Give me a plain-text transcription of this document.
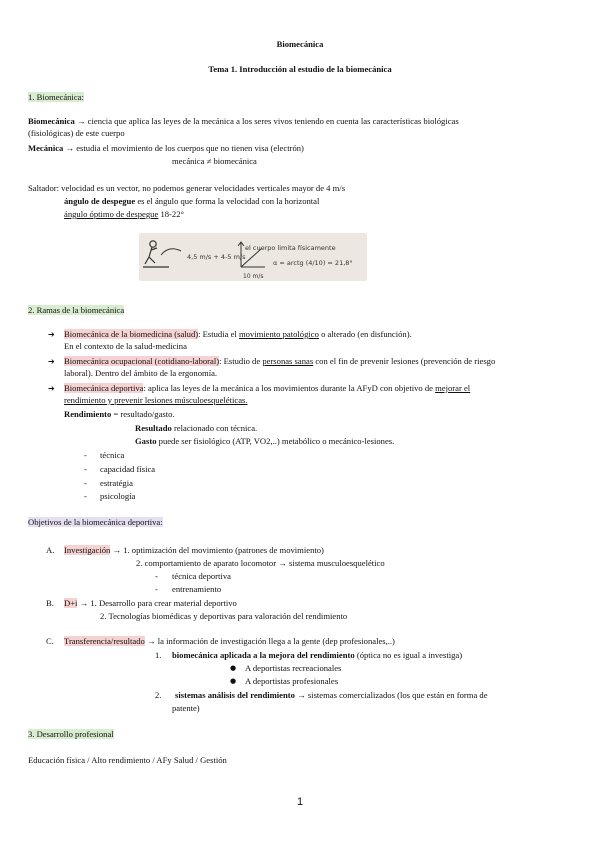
Biomecánica
Tema 1. Introducción al estudio de la biomecánica
1. Biomecánica:
Biomecánica → ciencia que aplica las leyes de la mecánica a los seres vivos teniendo en cuenta las características biológicas
(fisiológicas) de este cuerpo
Mecánica → estudia el movimiento de los cuerpos que no tienen visa (electrón)
mecánica ≠ biomecánica
Saltador: velocidad es un vector, no podemos generar velocidades verticales mayor de 4 m/s
ángulo de despegue es el ángulo que forma la velocidad con la horizontal
ángulo óptimo de despegue 18-22°
4,5 m/s + 4-5 m/s
el cuerpo limita físicamente
α = arctg (4/10) = 21,8°
10 m/s
2. Ramas de la biomecánica
➔ Biomecánica de la biomedicina (salud): Estudia el movimiento patológico o alterado (en disfunción).
En el contexto de la salud-medicina
➔ Biomecánica ocupacional (cotidiano-laboral): Estudio de personas sanas con el fin de prevenir lesiones (prevención de riesgo
laboral). Dentro del ámbito de la ergonomía.
➔ Biomecánica deportiva: aplica las leyes de la mecánica a los movimientos durante la AFyD con objetivo de mejorar el
rendimiento y prevenir lesiones músculoesqueléticas.
Rendimiento = resultado/gasto.
Resultado relacionado con técnica.
Gasto puede ser fisiológico (ATP, VO2,..) metabólico o mecánico-lesiones.
- técnica
- capacidad física
- estratégia
- psicología
Objetivos de la biomecánica deportiva:
A. Investigación → 1. optimización del movimiento (patrones de movimiento)
2. comportamiento de aparato locomotor → sistema musculoesquelético
- técnica deportiva
- entrenamiento
B. D+i → 1. Desarrollo para crear material deportivo
2. Tecnologías biomédicas y deportivas para valoración del rendimiento
C. Transferencia/resultado → la información de investigación llega a la gente (dep profesionales,..)
1. biomecánica aplicada a la mejora del rendimiento (óptica no es igual a investiga)
● A deportistas recreacionales
● A deportistas profesionales
2. sistemas análisis del rendimiento → sistemas comercializados (los que están en forma de
patente)
3. Desarrollo profesional
Educación física / Alto rendimiento / AFy Salud / Gestión
1
